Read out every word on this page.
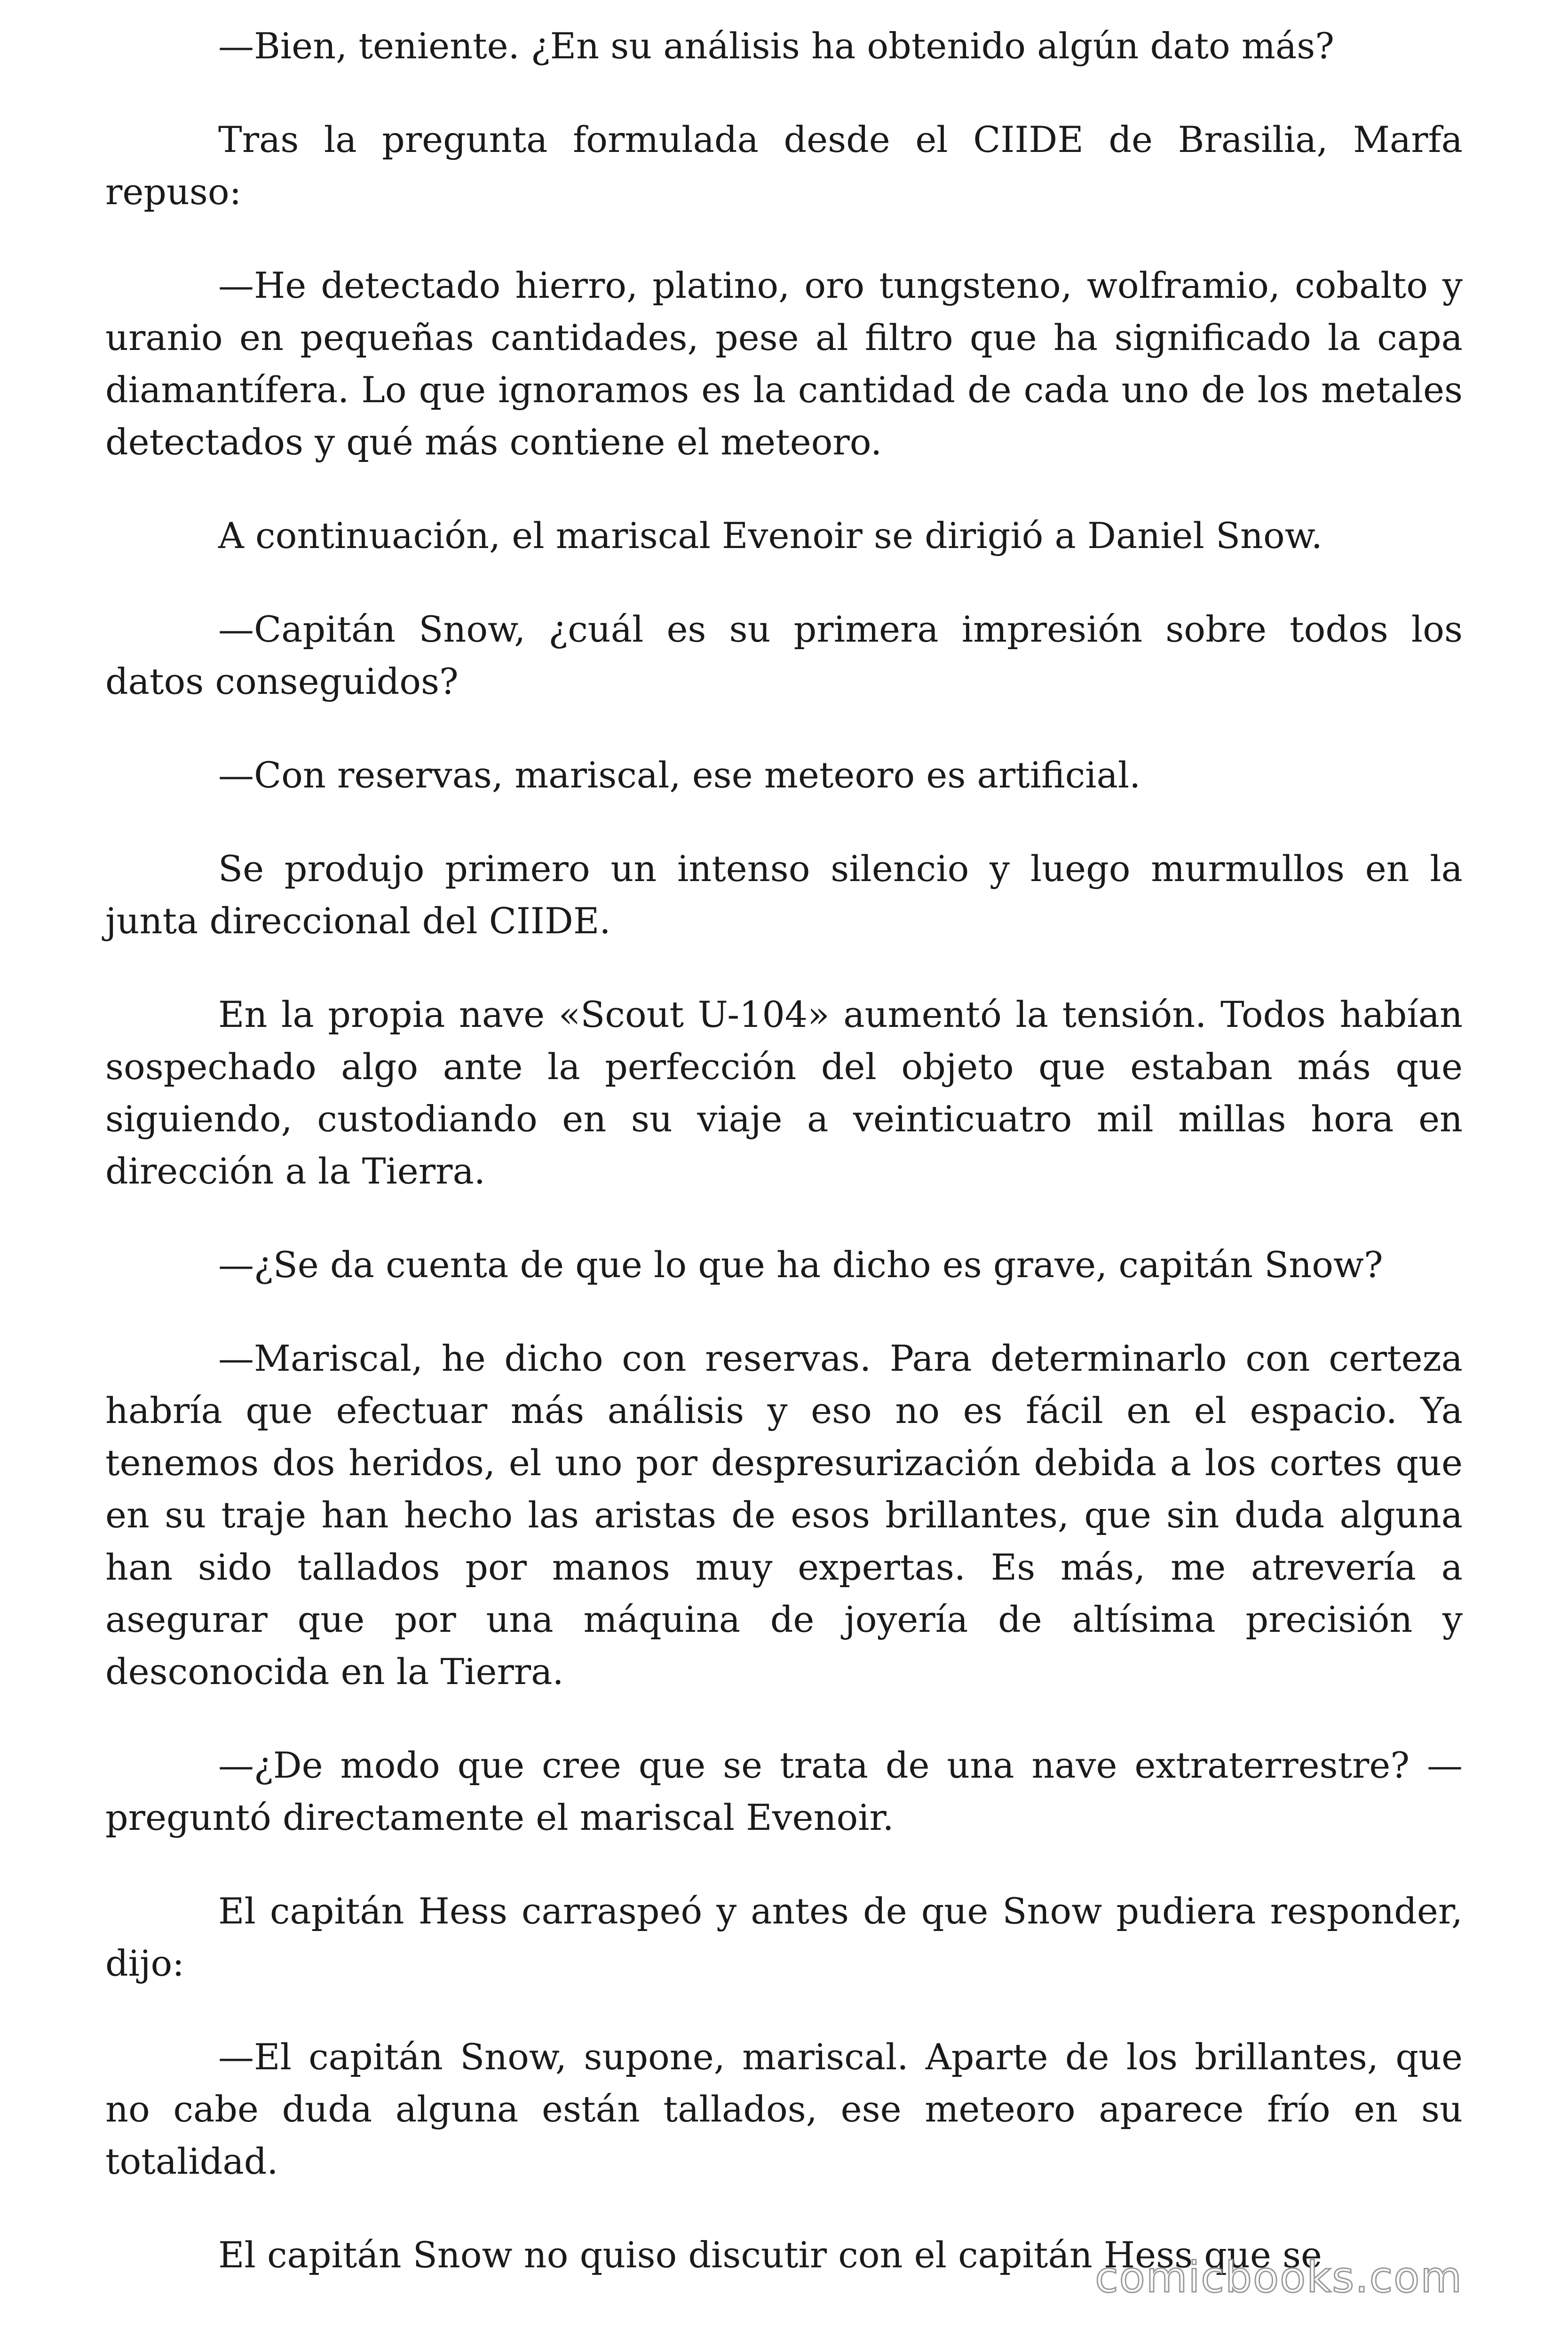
—Bien, teniente. ¿En su análisis ha obtenido algún dato más?

Tras la pregunta formulada desde el CIIDE de Brasilia, Marfa repuso:

—He detectado hierro, platino, oro tungsteno, wolframio, cobalto y uranio en pequeñas cantidades, pese al filtro que ha significado la capa diamantífera. Lo que ignoramos es la cantidad de cada uno de los metales detectados y qué más contiene el meteoro.

A continuación, el mariscal Evenoir se dirigió a Daniel Snow.

—Capitán Snow, ¿cuál es su primera impresión sobre todos los datos conseguidos?

—Con reservas, mariscal, ese meteoro es artificial.

Se produjo primero un intenso silencio y luego murmullos en la junta direccional del CIIDE.

En la propia nave «Scout U-104» aumentó la tensión. Todos habían sospechado algo ante la perfección del objeto que estaban más que siguiendo, custodiando en su viaje a veinticuatro mil millas hora en dirección a la Tierra.

—¿Se da cuenta de que lo que ha dicho es grave, capitán Snow?

—Mariscal, he dicho con reservas. Para determinarlo con certeza habría que efectuar más análisis y eso no es fácil en el espacio. Ya tenemos dos heridos, el uno por despresurización debida a los cortes que en su traje han hecho las aristas de esos brillantes, que sin duda alguna han sido tallados por manos muy expertas. Es más, me atrevería a asegurar que por una máquina de joyería de altísima precisión y desconocida en la Tierra.

—¿De modo que cree que se trata de una nave extraterrestre? —preguntó directamente el mariscal Evenoir.

El capitán Hess carraspeó y antes de que Snow pudiera responder, dijo:

—El capitán Snow, supone, mariscal. Aparte de los brillantes, que no cabe duda alguna están tallados, ese meteoro aparece frío en su totalidad.

El capitán Snow no quiso discutir con el capitán Hess que se

comicbooks.com
